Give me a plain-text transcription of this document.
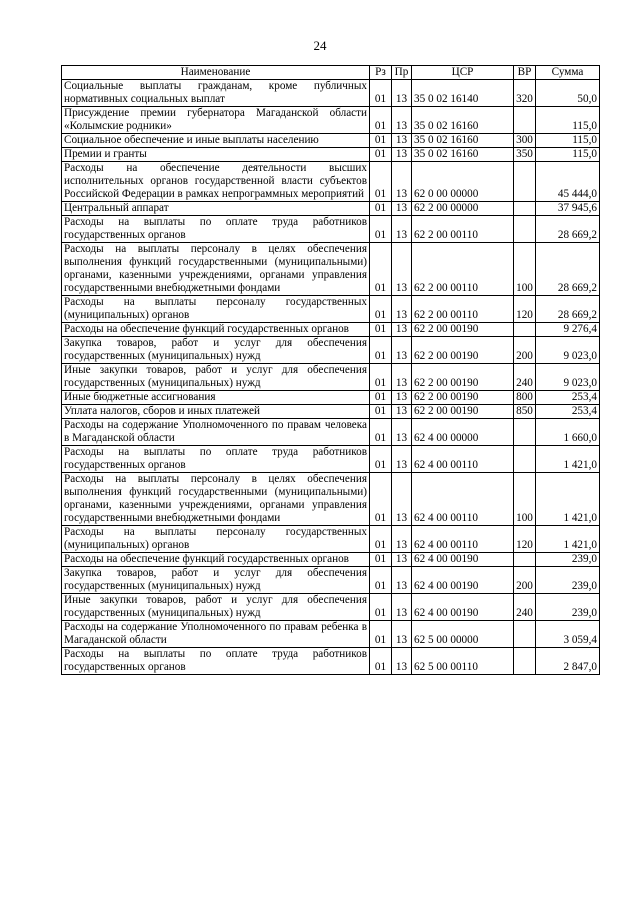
24
Наименование	Рз	Пр	ЦСР	ВР	Сумма
Социальные выплаты гражданам, кроме публичных нормативных социальных выплат	01	13	35 0 02 16140	320	50,0
Присуждение премии губернатора Магаданской области «Колымские родники»	01	13	35 0 02 16160		115,0
Социальное обеспечение и иные выплаты населению	01	13	35 0 02 16160	300	115,0
Премии и гранты	01	13	35 0 02 16160	350	115,0
Расходы на обеспечение деятельности высших исполнительных органов государственной власти субъектов Российской Федерации в рамках непрограммных мероприятий	01	13	62 0 00 00000		45 444,0
Центральный аппарат	01	13	62 2 00 00000		37 945,6
Расходы на выплаты по оплате труда работников государственных органов	01	13	62 2 00 00110		28 669,2
Расходы на выплаты персоналу в целях обеспечения выполнения функций государственными (муниципальными) органами, казенными учреждениями, органами управления государственными внебюджетными фондами	01	13	62 2 00 00110	100	28 669,2
Расходы на выплаты персоналу государственных (муниципальных) органов	01	13	62 2 00 00110	120	28 669,2
Расходы на обеспечение функций государственных органов	01	13	62 2 00 00190		9 276,4
Закупка товаров, работ и услуг для обеспечения государственных (муниципальных) нужд	01	13	62 2 00 00190	200	9 023,0
Иные закупки товаров, работ и услуг для обеспечения государственных (муниципальных) нужд	01	13	62 2 00 00190	240	9 023,0
Иные бюджетные ассигнования	01	13	62 2 00 00190	800	253,4
Уплата налогов, сборов и иных платежей	01	13	62 2 00 00190	850	253,4
Расходы на содержание Уполномоченного по правам человека в Магаданской области	01	13	62 4 00 00000		1 660,0
Расходы на выплаты по оплате труда работников государственных органов	01	13	62 4 00 00110		1 421,0
Расходы на выплаты персоналу в целях обеспечения выполнения функций государственными (муниципальными) органами, казенными учреждениями, органами управления государственными внебюджетными фондами	01	13	62 4 00 00110	100	1 421,0
Расходы на выплаты персоналу государственных (муниципальных) органов	01	13	62 4 00 00110	120	1 421,0
Расходы на обеспечение функций государственных органов	01	13	62 4 00 00190		239,0
Закупка товаров, работ и услуг для обеспечения государственных (муниципальных) нужд	01	13	62 4 00 00190	200	239,0
Иные закупки товаров, работ и услуг для обеспечения государственных (муниципальных) нужд	01	13	62 4 00 00190	240	239,0
Расходы на содержание Уполномоченного по правам ребенка в Магаданской области	01	13	62 5 00 00000		3 059,4
Расходы на выплаты по оплате труда работников государственных органов	01	13	62 5 00 00110		2 847,0
